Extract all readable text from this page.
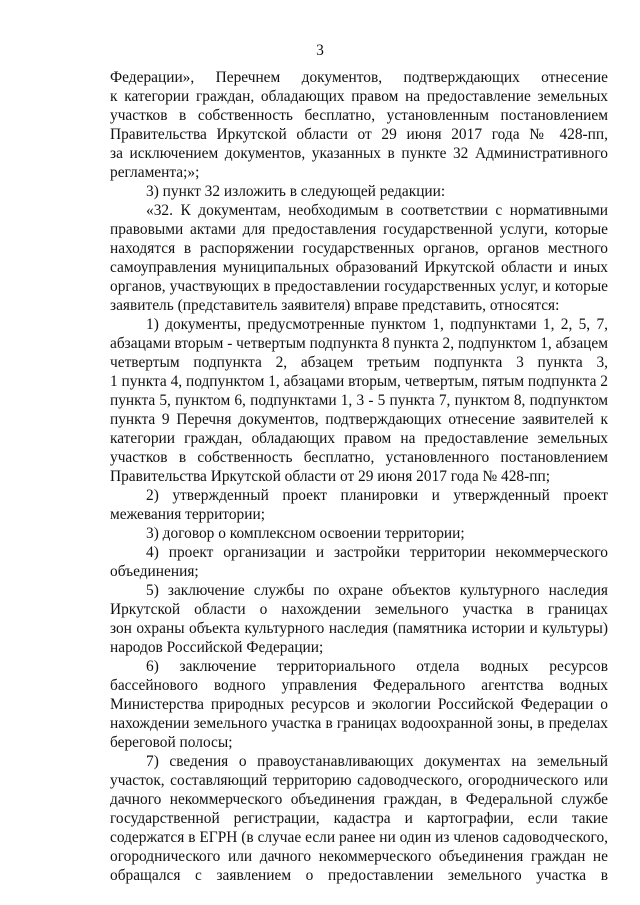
3
Федерации», Перечнем документов, подтверждающих отнесение
к категории граждан, обладающих правом на предоставление земельных
участков в собственность бесплатно, установленным постановлением
Правительства Иркутской области от 29 июня 2017 года № 428-пп,
за исключением документов, указанных в пункте 32 Административного
регламента;»;
3) пункт 32 изложить в следующей редакции:
«32. К документам, необходимым в соответствии с нормативными
правовыми актами для предоставления государственной услуги, которые
находятся в распоряжении государственных органов, органов местного
самоуправления муниципальных образований Иркутской области и иных
органов, участвующих в предоставлении государственных услуг, и которые
заявитель (представитель заявителя) вправе представить, относятся:
1) документы, предусмотренные пунктом 1, подпунктами 1, 2, 5, 7,
абзацами вторым - четвертым подпункта 8 пункта 2, подпунктом 1, абзацем
четвертым подпункта 2, абзацем третьим подпункта 3 пункта 3,
1 пункта 4, подпунктом 1, абзацами вторым, четвертым, пятым подпункта 2
пункта 5, пунктом 6, подпунктами 1, 3 - 5 пункта 7, пунктом 8, подпунктом
пункта 9 Перечня документов, подтверждающих отнесение заявителей к
категории граждан, обладающих правом на предоставление земельных
участков в собственность бесплатно, установленного постановлением
Правительства Иркутской области от 29 июня 2017 года № 428-пп;
2) утвержденный проект планировки и утвержденный проект
межевания территории;
3) договор о комплексном освоении территории;
4) проект организации и застройки территории некоммерческого
объединения;
5) заключение службы по охране объектов культурного наследия
Иркутской области о нахождении земельного участка в границах
зон охраны объекта культурного наследия (памятника истории и культуры)
народов Российской Федерации;
6) заключение территориального отдела водных ресурсов
бассейнового водного управления Федерального агентства водных
Министерства природных ресурсов и экологии Российской Федерации о
нахождении земельного участка в границах водоохранной зоны, в пределах
береговой полосы;
7) сведения о правоустанавливающих документах на земельный
участок, составляющий территорию садоводческого, огороднического или
дачного некоммерческого объединения граждан, в Федеральной службе
государственной регистрации, кадастра и картографии, если такие
содержатся в ЕГРН (в случае если ранее ни один из членов садоводческого,
огороднического или дачного некоммерческого объединения граждан не
обращался с заявлением о предоставлении земельного участка в
